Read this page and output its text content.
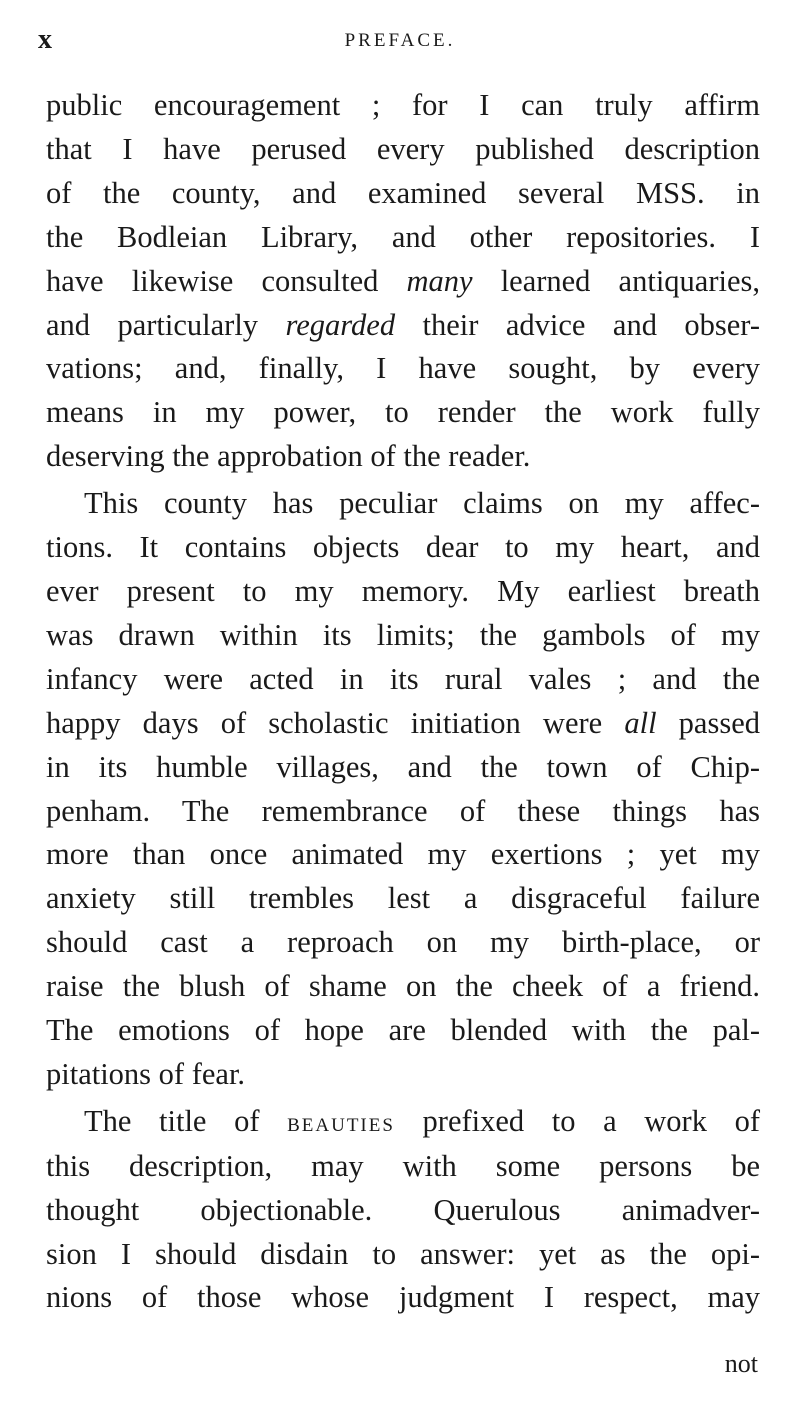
x	PREFACE.
public encouragement ; for I can truly affirm
that I have perused every published description
of the county, and examined several MSS. in
the Bodleian Library, and other repositories. I
have likewise consulted many learned antiquaries,
and particularly regarded their advice and obser-
vations; and, finally, I have sought, by every
means in my power, to render the work fully
deserving the approbation of the reader.
This county has peculiar claims on my affec-
tions. It contains objects dear to my heart, and
ever present to my memory. My earliest breath
was drawn within its limits; the gambols of my
infancy were acted in its rural vales ; and the
happy days of scholastic initiation were all passed
in its humble villages, and the town of Chip-
penham. The remembrance of these things has
more than once animated my exertions ; yet my
anxiety still trembles lest a disgraceful failure
should cast a reproach on my birth-place, or
raise the blush of shame on the cheek of a friend.
The emotions of hope are blended with the pal-
pitations of fear.
The title of beauties prefixed to a work of
this description, may with some persons be
thought objectionable. Querulous animadver-
sion I should disdain to answer: yet as the opi-
nions of those whose judgment I respect, may
not
